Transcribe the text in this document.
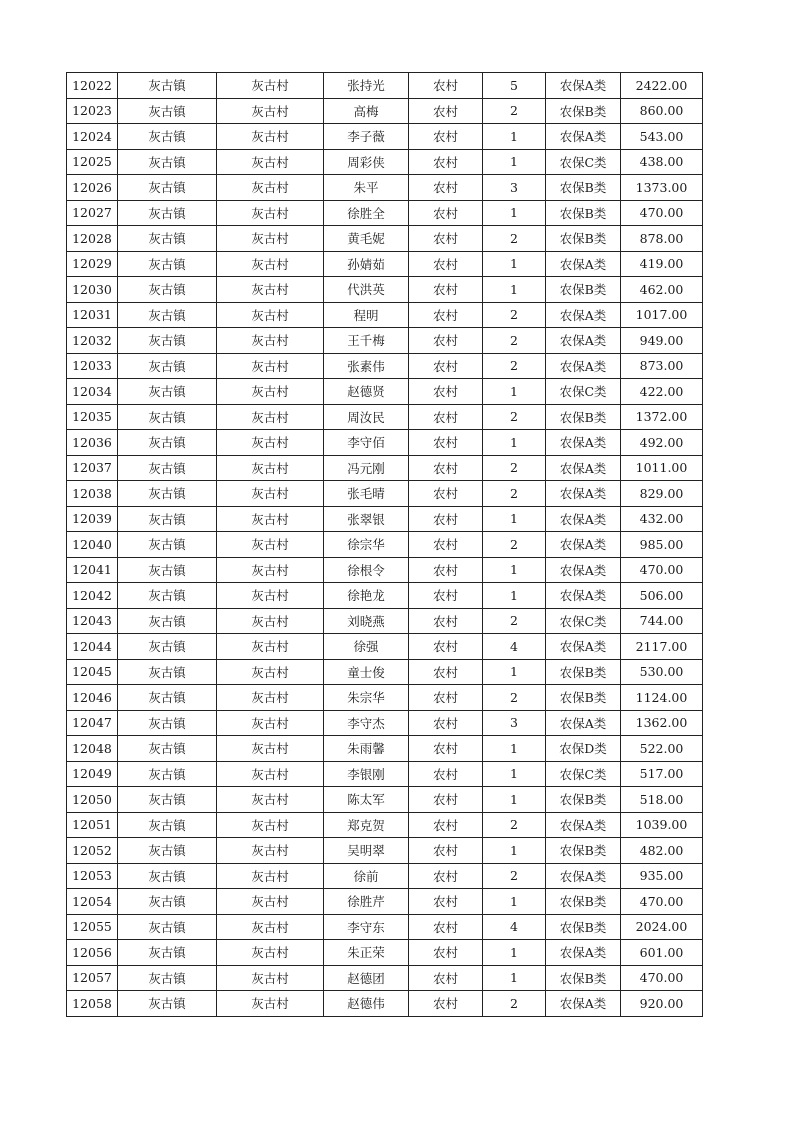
12022	灰古镇	灰古村	张持光	农村	5	农保A类	2422.00
12023	灰古镇	灰古村	高梅	农村	2	农保B类	860.00
12024	灰古镇	灰古村	李子薇	农村	1	农保A类	543.00
12025	灰古镇	灰古村	周彩侠	农村	1	农保C类	438.00
12026	灰古镇	灰古村	朱平	农村	3	农保B类	1373.00
12027	灰古镇	灰古村	徐胜全	农村	1	农保B类	470.00
12028	灰古镇	灰古村	黄毛妮	农村	2	农保B类	878.00
12029	灰古镇	灰古村	孙婧茹	农村	1	农保A类	419.00
12030	灰古镇	灰古村	代洪英	农村	1	农保B类	462.00
12031	灰古镇	灰古村	程明	农村	2	农保A类	1017.00
12032	灰古镇	灰古村	王千梅	农村	2	农保A类	949.00
12033	灰古镇	灰古村	张素伟	农村	2	农保A类	873.00
12034	灰古镇	灰古村	赵德贤	农村	1	农保C类	422.00
12035	灰古镇	灰古村	周汝民	农村	2	农保B类	1372.00
12036	灰古镇	灰古村	李守佰	农村	1	农保A类	492.00
12037	灰古镇	灰古村	冯元刚	农村	2	农保A类	1011.00
12038	灰古镇	灰古村	张毛晴	农村	2	农保A类	829.00
12039	灰古镇	灰古村	张翠银	农村	1	农保A类	432.00
12040	灰古镇	灰古村	徐宗华	农村	2	农保A类	985.00
12041	灰古镇	灰古村	徐根令	农村	1	农保A类	470.00
12042	灰古镇	灰古村	徐艳龙	农村	1	农保A类	506.00
12043	灰古镇	灰古村	刘晓燕	农村	2	农保C类	744.00
12044	灰古镇	灰古村	徐强	农村	4	农保A类	2117.00
12045	灰古镇	灰古村	童士俊	农村	1	农保B类	530.00
12046	灰古镇	灰古村	朱宗华	农村	2	农保B类	1124.00
12047	灰古镇	灰古村	李守杰	农村	3	农保A类	1362.00
12048	灰古镇	灰古村	朱雨馨	农村	1	农保D类	522.00
12049	灰古镇	灰古村	李银刚	农村	1	农保C类	517.00
12050	灰古镇	灰古村	陈太军	农村	1	农保B类	518.00
12051	灰古镇	灰古村	郑克贺	农村	2	农保A类	1039.00
12052	灰古镇	灰古村	吴明翠	农村	1	农保B类	482.00
12053	灰古镇	灰古村	徐前	农村	2	农保A类	935.00
12054	灰古镇	灰古村	徐胜芹	农村	1	农保B类	470.00
12055	灰古镇	灰古村	李守东	农村	4	农保B类	2024.00
12056	灰古镇	灰古村	朱正荣	农村	1	农保A类	601.00
12057	灰古镇	灰古村	赵德团	农村	1	农保B类	470.00
12058	灰古镇	灰古村	赵德伟	农村	2	农保A类	920.00
